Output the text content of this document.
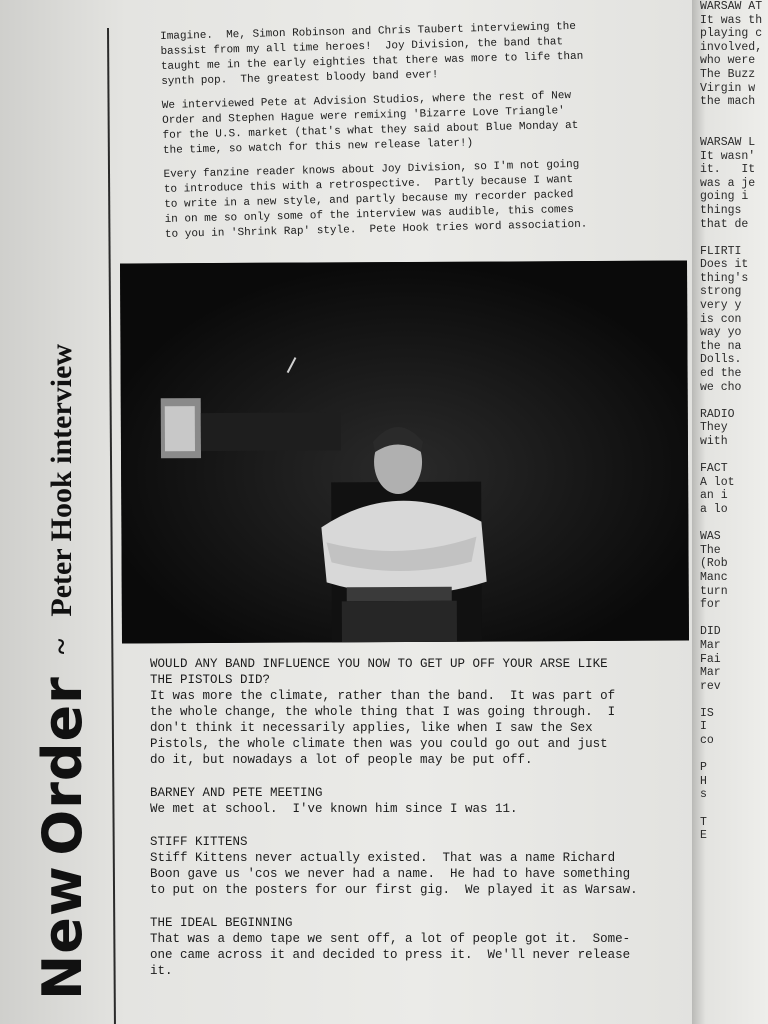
WARSAW AT
It was th
playing c
involved,
who were
The Buzz
Virgin w
the mach

WARSAW L
It wasn'
it.   It
was a je
going i
things
that de

FLIRTI
Does it
thing's
strong
very y
is con
way yo
the na
Dolls.
ed the
we cho

RADIO
They
with

FACT
A lot
an i
a lo

WAS
The
(Rob
Manc
turn
for

DID
Mar
Fai
Mar
rev

IS
I
co

P
H
s

T
E
New Order~Peter Hook interview

Imagine.  Me, Simon Robinson and Chris Taubert interviewing the
bassist from my all time heroes!  Joy Division, the band that
taught me in the early eighties that there was more to life than
synth pop.  The greatest bloody band ever!

We interviewed Pete at Advision Studios, where the rest of New
Order and Stephen Hague were remixing 'Bizarre Love Triangle'
for the U.S. market (that's what they said about Blue Monday at
the time, so watch for this new release later!)

Every fanzine reader knows about Joy Division, so I'm not going
to introduce this with a retrospective.  Partly because I want
to write in a new style, and partly because my recorder packed
in on me so only some of the interview was audible, this comes
to you in 'Shrink Rap' style.  Pete Hook tries word association.

WOULD ANY BAND INFLUENCE YOU NOW TO GET UP OFF YOUR ARSE LIKE
THE PISTOLS DID?

It was more the climate, rather than the band.  It was part of
the whole change, the whole thing that I was going through.  I
don't think it necessarily applies, like when I saw the Sex
Pistols, the whole climate then was you could go out and just
do it, but nowadays a lot of people may be put off.

BARNEY AND PETE MEETING

We met at school.  I've known him since I was 11.

STIFF KITTENS

Stiff Kittens never actually existed.  That was a name Richard
Boon gave us 'cos we never had a name.  He had to have something
to put on the posters for our first gig.  We played it as Warsaw.

THE IDEAL BEGINNING

That was a demo tape we sent off, a lot of people got it.  Some-
one came across it and decided to press it.  We'll never release
it.
